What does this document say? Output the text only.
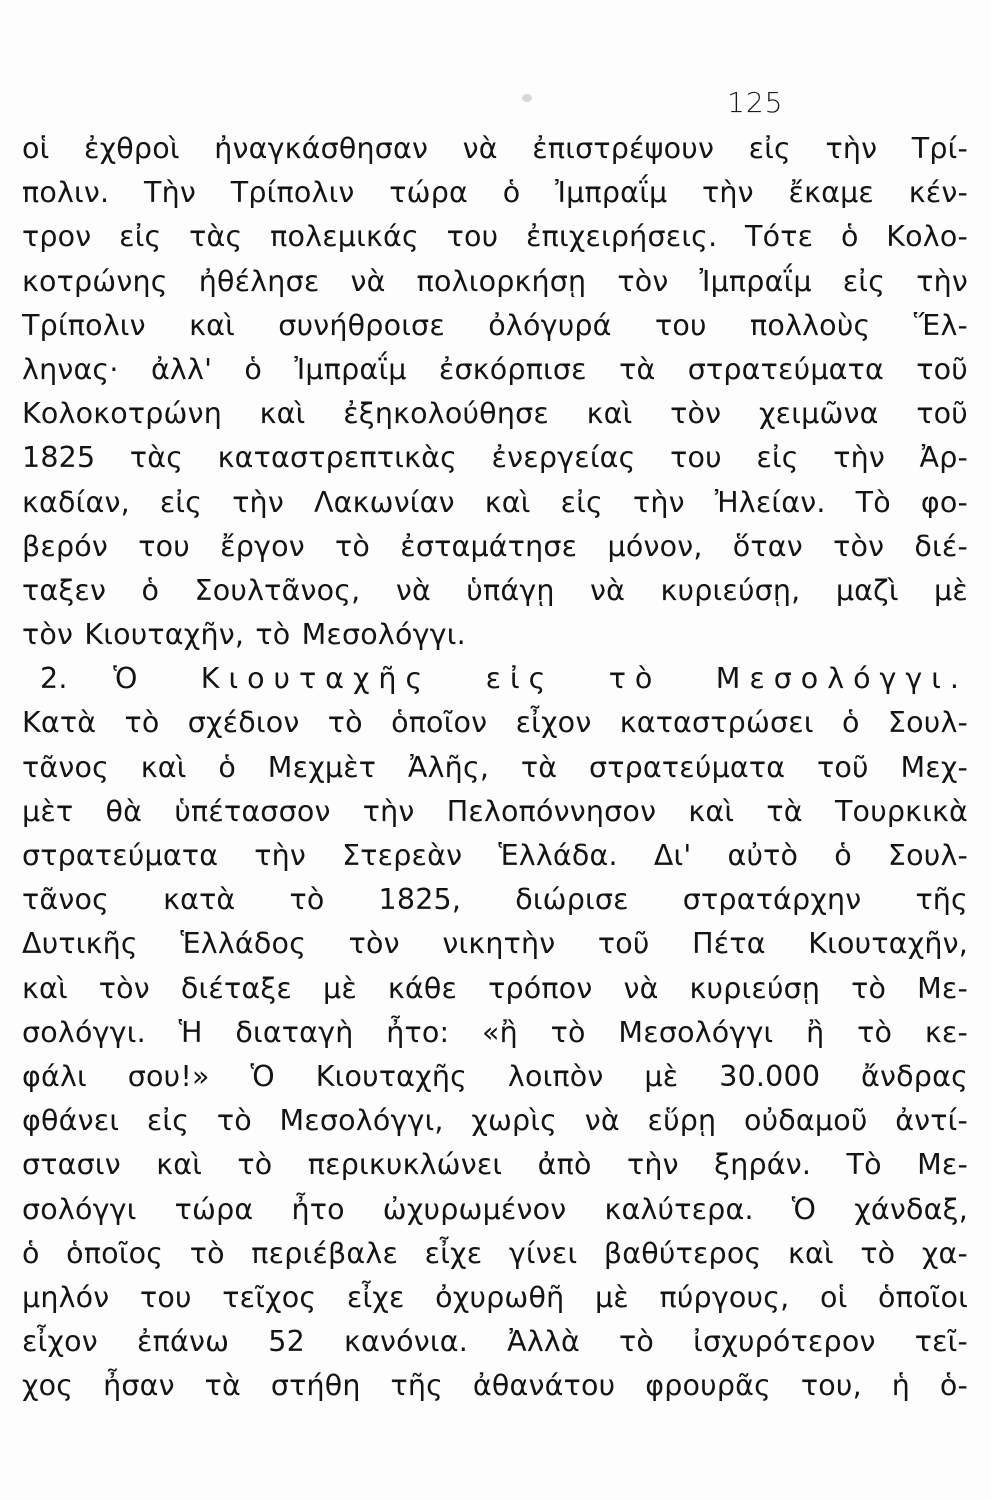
125
οἱ ἐχθροὶ ἠναγκάσθησαν νὰ ἐπιστρέψουν εἰς τὴν Τρί-
πολιν. Τὴν Τρίπολιν τώρα ὁ Ἰμπραΐμ τὴν ἔκαμε κέν-
τρον εἰς τὰς πολεμικάς του ἐπιχειρήσεις. Τότε ὁ Κολο-
κοτρώνης ἠθέλησε νὰ πολιορκήσῃ τὸν Ἰμπραΐμ εἰς τὴν
Τρίπολιν καὶ συνήθροισε ὀλόγυρά του πολλοὺς Ἕλ-
ληνας· ἀλλ' ὁ Ἰμπραΐμ ἐσκόρπισε τὰ στρατεύματα τοῦ
Κολοκοτρώνη καὶ ἐξηκολούθησε καὶ τὸν χειμῶνα τοῦ
1825 τὰς καταστρεπτικὰς ἐνεργείας του εἰς τὴν Ἀρ-
καδίαν, εἰς τὴν Λακωνίαν καὶ εἰς τὴν Ἠλείαν. Τὸ φο-
βερόν του ἔργον τὸ ἐσταμάτησε μόνον, ὅταν τὸν διέ-
ταξεν ὁ Σουλτᾶνος, νὰ ὑπάγῃ νὰ κυριεύσῃ, μαζὶ μὲ
τὸν Κιουταχῆν, τὸ Μεσολόγγι.
2. Ὁ Κιουταχῆς εἰς τὸ Μεσολόγγι.
Κατὰ τὸ σχέδιον τὸ ὁποῖον εἶχον καταστρώσει ὁ Σουλ-
τᾶνος καὶ ὁ Μεχμὲτ Ἀλῆς, τὰ στρατεύματα τοῦ Μεχ-
μὲτ θὰ ὑπέτασσον τὴν Πελοπόννησον καὶ τὰ Τουρκικὰ
στρατεύματα τὴν Στερεὰν Ἑλλάδα. Δι' αὐτὸ ὁ Σουλ-
τᾶνος κατὰ τὸ 1825, διώρισε στρατάρχην τῆς
Δυτικῆς Ἑλλάδος τὸν νικητὴν τοῦ Πέτα Κιουταχῆν,
καὶ τὸν διέταξε μὲ κάθε τρόπον νὰ κυριεύσῃ τὸ Με-
σολόγγι. Ἡ διαταγὴ ἦτο: «ἢ τὸ Μεσολόγγι ἢ τὸ κε-
φάλι σου!» Ὁ Κιουταχῆς λοιπὸν μὲ 30.000 ἄνδρας
φθάνει εἰς τὸ Μεσολόγγι, χωρὶς νὰ εὕρῃ οὐδαμοῦ ἀντί-
στασιν καὶ τὸ περικυκλώνει ἀπὸ τὴν ξηράν. Τὸ Με-
σολόγγι τώρα ἦτο ὠχυρωμένον καλύτερα. Ὁ χάνδαξ,
ὁ ὁποῖος τὸ περιέβαλε εἶχε γίνει βαθύτερος καὶ τὸ χα-
μηλόν του τεῖχος εἶχε ὀχυρωθῆ μὲ πύργους, οἱ ὁποῖοι
εἶχον ἐπάνω 52 κανόνια. Ἀλλὰ τὸ ἰσχυρότερον τεῖ-
χος ἦσαν τὰ στήθη τῆς ἀθανάτου φρουρᾶς του, ἡ ὁ-
